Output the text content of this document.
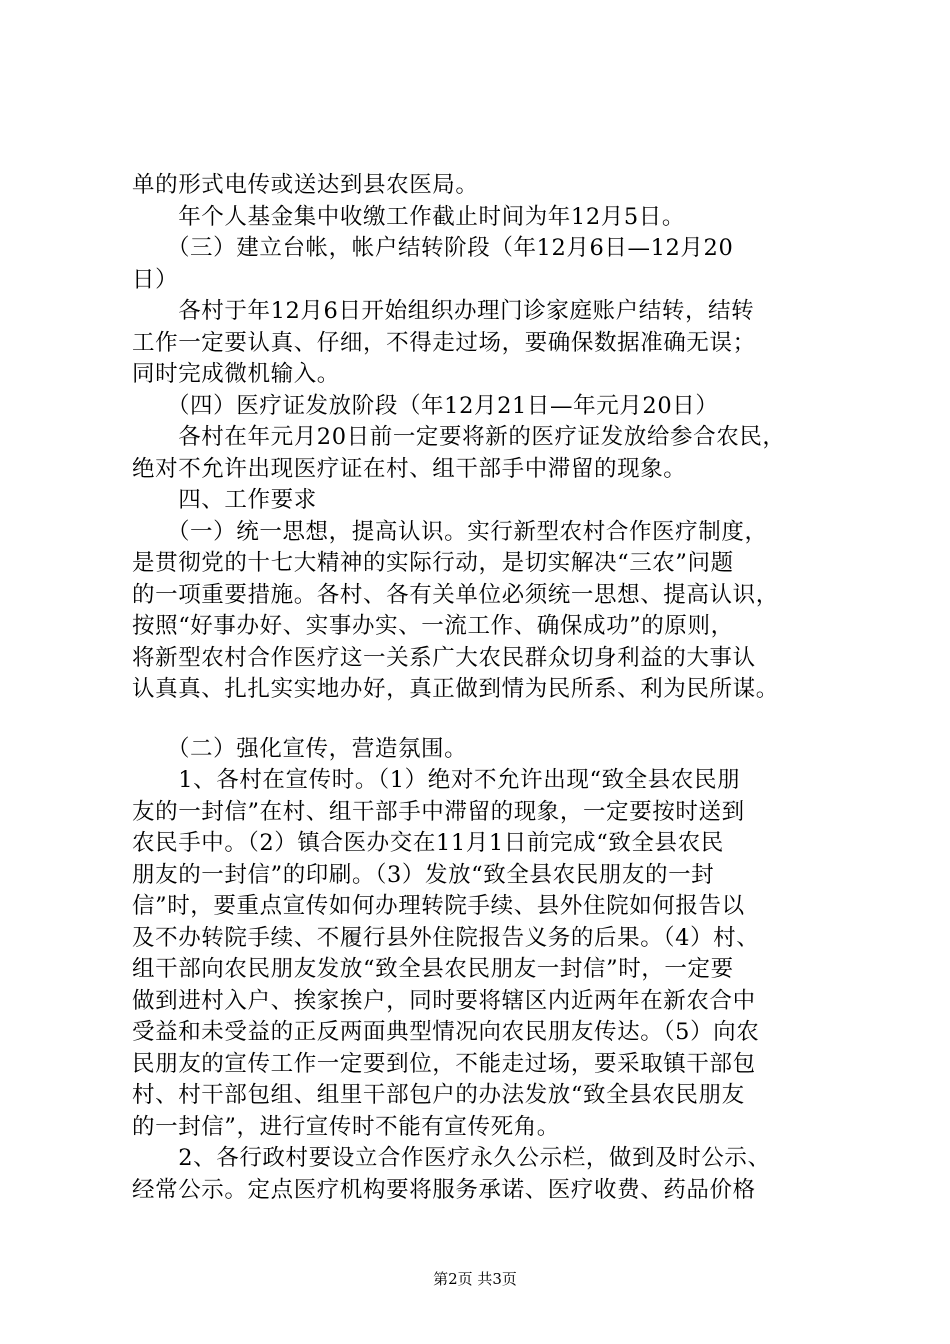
单的形式电传或送达到县农医局。
　　年个人基金集中收缴工作截止时间为年12月5日。
　　（三）建立台帐，帐户结转阶段（年12月6日—12月20
日）
　　各村于年12月6日开始组织办理门诊家庭账户结转，结转
工作一定要认真、仔细，不得走过场，要确保数据准确无误；
同时完成微机输入。
　　（四）医疗证发放阶段（年12月21日—年元月20日）
　　各村在年元月20日前一定要将新的医疗证发放给参合农民，
绝对不允许出现医疗证在村、组干部手中滞留的现象。
　　四、工作要求
　　（一）统一思想，提高认识。实行新型农村合作医疗制度，
是贯彻党的十七大精神的实际行动，是切实解决“三农”问题
的一项重要措施。各村、各有关单位必须统一思想、提高认识，
按照“好事办好、实事办实、一流工作、确保成功”的原则，
将新型农村合作医疗这一关系广大农民群众切身利益的大事认
认真真、扎扎实实地办好，真正做到情为民所系、利为民所谋。
　　（二）强化宣传，营造氛围。
　　1、各村在宣传时。（1）绝对不允许出现“致全县农民朋
友的一封信”在村、组干部手中滞留的现象，一定要按时送到
农民手中。（2）镇合医办交在11月1日前完成“致全县农民
朋友的一封信”的印刷。（3）发放“致全县农民朋友的一封
信”时，要重点宣传如何办理转院手续、县外住院如何报告以
及不办转院手续、不履行县外住院报告义务的后果。（4）村、
组干部向农民朋友发放“致全县农民朋友一封信”时，一定要
做到进村入户、挨家挨户，同时要将辖区内近两年在新农合中
受益和未受益的正反两面典型情况向农民朋友传达。（5）向农
民朋友的宣传工作一定要到位，不能走过场，要采取镇干部包
村、村干部包组、组里干部包户的办法发放“致全县农民朋友
的一封信”，进行宣传时不能有宣传死角。
　　2、各行政村要设立合作医疗永久公示栏，做到及时公示、
经常公示。定点医疗机构要将服务承诺、医疗收费、药品价格
第2页 共3页
